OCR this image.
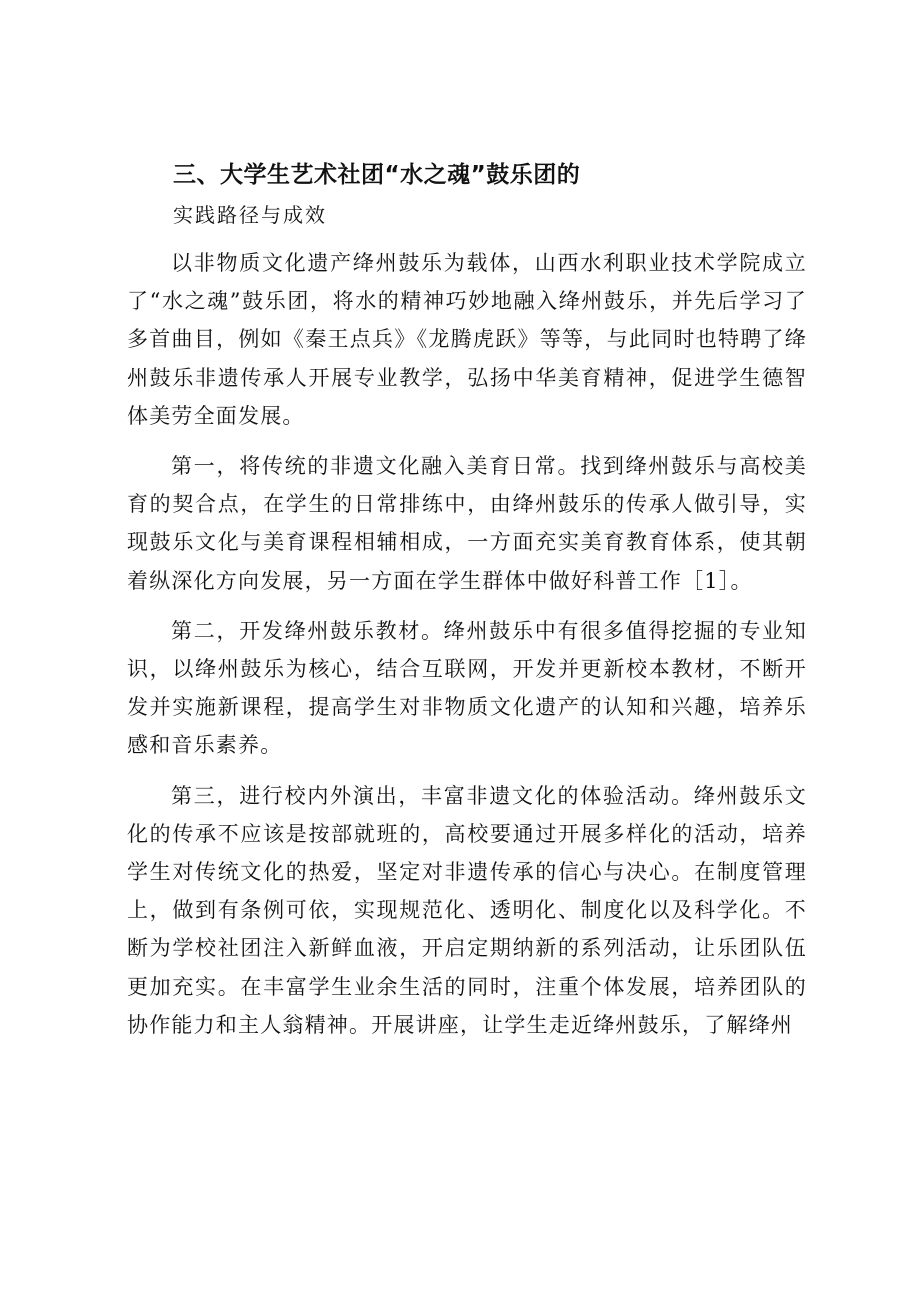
三、大学生艺术社团“水之魂”鼓乐团的

实践路径与成效

以非物质文化遗产绛州鼓乐为载体，山西水利职业技术学院成立了“水之魂”鼓乐团，将水的精神巧妙地融入绛州鼓乐，并先后学习了多首曲目，例如《秦王点兵》《龙腾虎跃》等等，与此同时也特聘了绛州鼓乐非遗传承人开展专业教学，弘扬中华美育精神，促进学生德智体美劳全面发展。

第一，将传统的非遗文化融入美育日常。找到绛州鼓乐与高校美育的契合点，在学生的日常排练中，由绛州鼓乐的传承人做引导，实现鼓乐文化与美育课程相辅相成，一方面充实美育教育体系，使其朝着纵深化方向发展，另一方面在学生群体中做好科普工作［1］。

第二，开发绛州鼓乐教材。绛州鼓乐中有很多值得挖掘的专业知识，以绛州鼓乐为核心，结合互联网，开发并更新校本教材，不断开发并实施新课程，提高学生对非物质文化遗产的认知和兴趣，培养乐感和音乐素养。

第三，进行校内外演出，丰富非遗文化的体验活动。绛州鼓乐文化的传承不应该是按部就班的，高校要通过开展多样化的活动，培养学生对传统文化的热爱，坚定对非遗传承的信心与决心。在制度管理上，做到有条例可依，实现规范化、透明化、制度化以及科学化。不断为学校社团注入新鲜血液，开启定期纳新的系列活动，让乐团队伍更加充实。在丰富学生业余生活的同时，注重个体发展，培养团队的协作能力和主人翁精神。开展讲座，让学生走近绛州鼓乐，了解绛州
